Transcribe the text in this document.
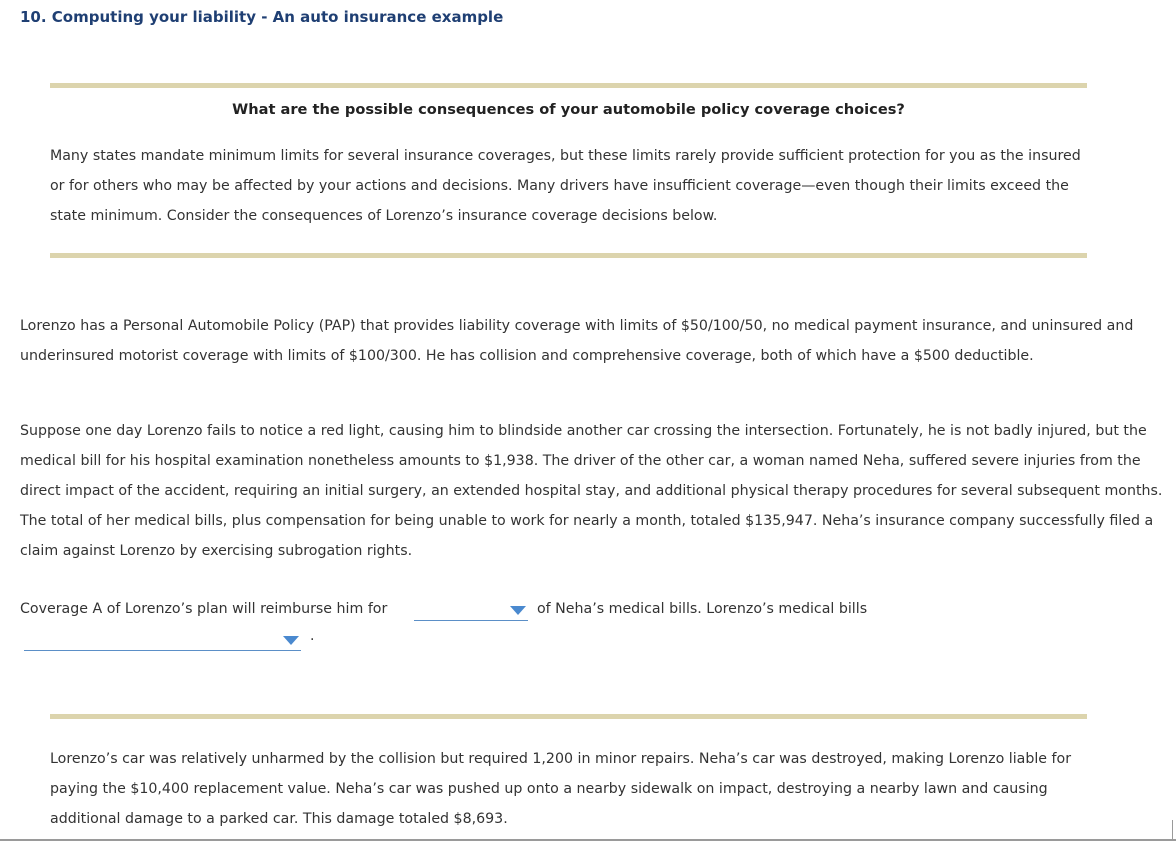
10. Computing your liability - An auto insurance example
What are the possible consequences of your automobile policy coverage choices?

Many states mandate minimum limits for several insurance coverages, but these limits rarely provide sufficient protection for you as the insured or for others who may be affected by your actions and decisions. Many drivers have insufficient coverage—even though their limits exceed the state minimum. Consider the consequences of Lorenzo’s insurance coverage decisions below.

Lorenzo has a Personal Automobile Policy (PAP) that provides liability coverage with limits of $50/100/50, no medical payment insurance, and uninsured and underinsured motorist coverage with limits of $100/300. He has collision and comprehensive coverage, both of which have a $500 deductible.

Suppose one day Lorenzo fails to notice a red light, causing him to blindside another car crossing the intersection. Fortunately, he is not badly injured, but the medical bill for his hospital examination nonetheless amounts to $1,938. The driver of the other car, a woman named Neha, suffered severe injuries from the direct impact of the accident, requiring an initial surgery, an extended hospital stay, and additional physical therapy procedures for several subsequent months. The total of her medical bills, plus compensation for being unable to work for nearly a month, totaled $135,947. Neha’s insurance company successfully filed a claim against Lorenzo by exercising subrogation rights.

Coverage A of Lorenzo’s plan will reimburse him for	of Neha’s medical bills. Lorenzo’s medical bills
.

Lorenzo’s car was relatively unharmed by the collision but required 1,200 in minor repairs. Neha’s car was destroyed, making Lorenzo liable for paying the $10,400 replacement value. Neha’s car was pushed up onto a nearby sidewalk on impact, destroying a nearby lawn and causing additional damage to a parked car. This damage totaled $8,693.
